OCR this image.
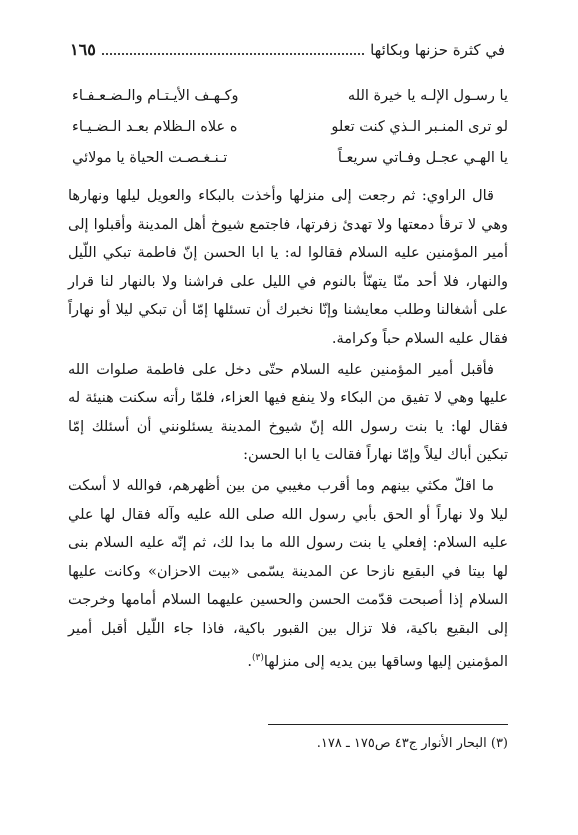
في كثرة حزنها وبكائها
١٦٥
يا رسـول الإلـه يا خيرة الله
وكـهـف الأيـتـام والـضـعـفـاء
لو ترى المنـبر الـذي كنت تعلو
ه علاه الـظلام بعـد الـضـيـاء
يا الهـي عجـل وفـاتي سريعـاً
تـنـغـصـت الحياة يا مولائي

قال الراوي: ثم رجعت إلى منزلها وأخذت بالبكاء والعويل ليلها ونهارها وهي لا ترقأ دمعتها ولا تهدئ زفرتها، فاجتمع شيوخ أهل المدينة وأقبلوا إلى أمير المؤمنين عليه السلام فقالوا له: يا ابا الحسن إنّ فاطمة تبكي اللّيل والنهار، فلا أحد منّا يتهنّأ بالنوم في الليل على فراشنا ولا بالنهار لنا قرار على أشغالنا وطلب معايشنا وإنّا نخبرك أن تسئلها إمّا أن تبكي ليلا أو نهاراً فقال عليه السلام حباً وكرامة.

فأقبل أمير المؤمنين عليه السلام حتّى دخل على فاطمة صلوات الله عليها وهي لا تفيق من البكاء ولا ينفع فيها العزاء، فلمّا رأته سكنت هنيئة له فقال لها: يا بنت رسول الله إنّ شيوخ المدينة يسئلونني أن أسئلك إمّا تبكين أباك ليلاً وإمّا نهاراً فقالت يا ابا الحسن:

ما اقلّ مكثي بينهم وما أقرب مغيبي من بين أظهرهم، فوالله لا أسكت ليلا ولا نهاراً أو الحق بأبي رسول الله صلى الله عليه وآله فقال لها علي عليه السلام: إفعلي يا بنت رسول الله ما بدا لك، ثم إنّه عليه السلام بنى لها بيتا في البقيع نازحا عن المدينة يسّمى «بيت الاحزان» وكانت عليها السلام إذا أصبحت قدّمت الحسن والحسين عليهما السلام أمامها وخرجت إلى البقيع باكية، فلا تزال بين القبور باكية، فاذا جاء اللّيل أقبل أمير المؤمنين إليها وساقها بين يديه إلى منزلها$^{(٣)}$.

(٣) البحار الأنوار ج٤٣ ص١٧٥ ـ ١٧٨.
